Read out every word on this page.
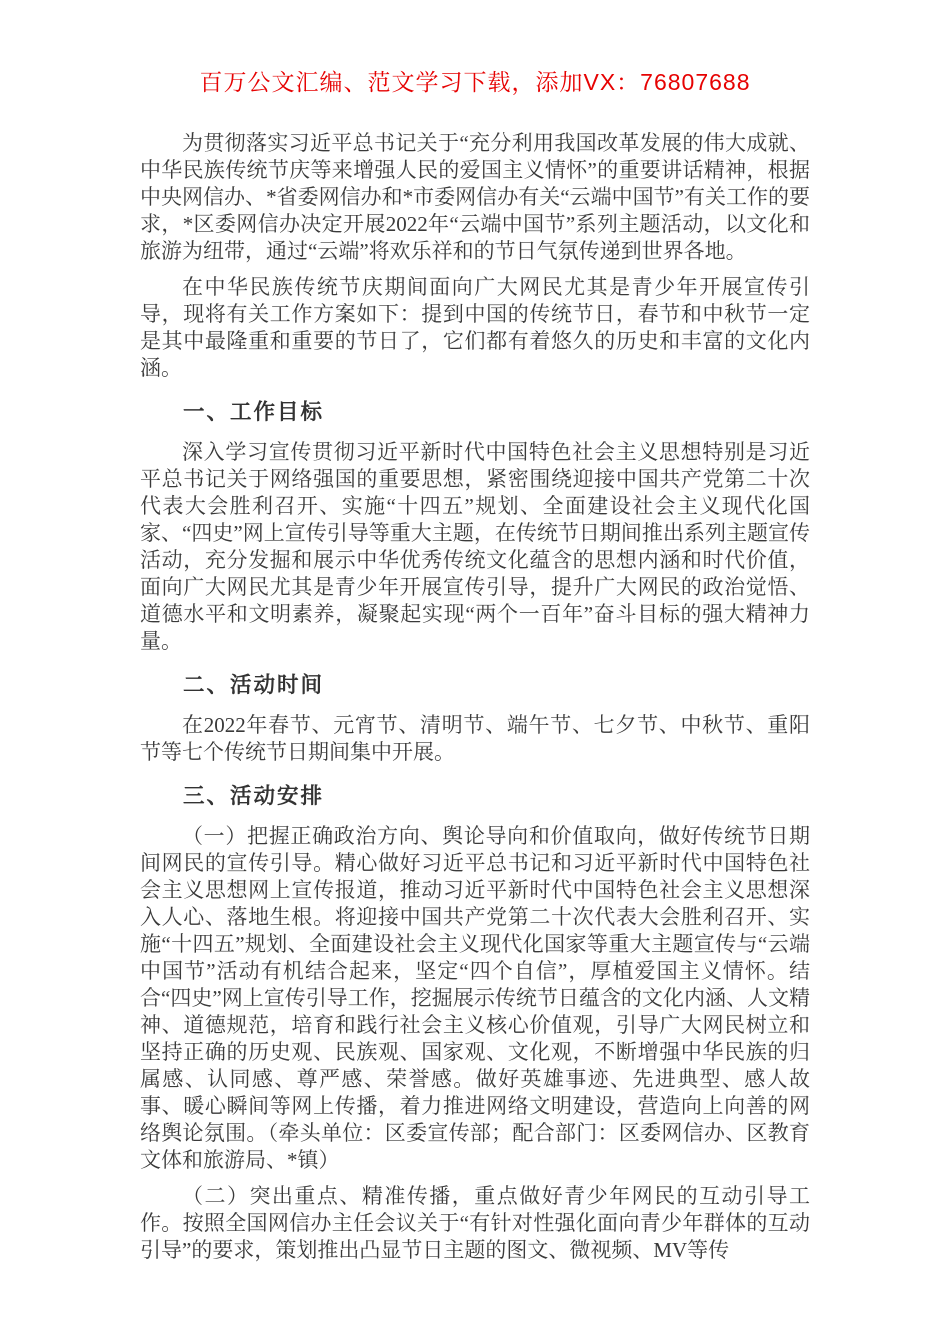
百万公文汇编、范文学习下载，添加VX：76807688

为贯彻落实习近平总书记关于“充分利用我国改革发展的伟大成就、中华民族传统节庆等来增强人民的爱国主义情怀”的重要讲话精神，根据中央网信办、*省委网信办和*市委网信办有关“云端中国节”有关工作的要求，*区委网信办决定开展2022年“云端中国节”系列主题活动，以文化和旅游为纽带，通过“云端”将欢乐祥和的节日气氛传递到世界各地。

在中华民族传统节庆期间面向广大网民尤其是青少年开展宣传引导，现将有关工作方案如下：提到中国的传统节日，春节和中秋节一定是其中最隆重和重要的节日了，它们都有着悠久的历史和丰富的文化内涵。

一、工作目标

深入学习宣传贯彻习近平新时代中国特色社会主义思想特别是习近平总书记关于网络强国的重要思想，紧密围绕迎接中国共产党第二十次代表大会胜利召开、实施“十四五”规划、全面建设社会主义现代化国家、“四史”网上宣传引导等重大主题，在传统节日期间推出系列主题宣传活动，充分发掘和展示中华优秀传统文化蕴含的思想内涵和时代价值，面向广大网民尤其是青少年开展宣传引导，提升广大网民的政治觉悟、道德水平和文明素养，凝聚起实现“两个一百年”奋斗目标的强大精神力量。

二、活动时间

在2022年春节、元宵节、清明节、端午节、七夕节、中秋节、重阳节等七个传统节日期间集中开展。

三、活动安排

（一）把握正确政治方向、舆论导向和价值取向，做好传统节日期间网民的宣传引导。精心做好习近平总书记和习近平新时代中国特色社会主义思想网上宣传报道，推动习近平新时代中国特色社会主义思想深入人心、落地生根。将迎接中国共产党第二十次代表大会胜利召开、实施“十四五”规划、全面建设社会主义现代化国家等重大主题宣传与“云端中国节”活动有机结合起来，坚定“四个自信”，厚植爱国主义情怀。结合“四史”网上宣传引导工作，挖掘展示传统节日蕴含的文化内涵、人文精神、道德规范，培育和践行社会主义核心价值观，引导广大网民树立和坚持正确的历史观、民族观、国家观、文化观，不断增强中华民族的归属感、认同感、尊严感、荣誉感。做好英雄事迹、先进典型、感人故事、暖心瞬间等网上传播，着力推进网络文明建设，营造向上向善的网络舆论氛围。（牵头单位：区委宣传部；配合部门：区委网信办、区教育文体和旅游局、*镇）

（二）突出重点、精准传播，重点做好青少年网民的互动引导工作。按照全国网信办主任会议关于“有针对性强化面向青少年群体的互动引导”的要求，策划推出凸显节日主题的图文、微视频、MV等传
